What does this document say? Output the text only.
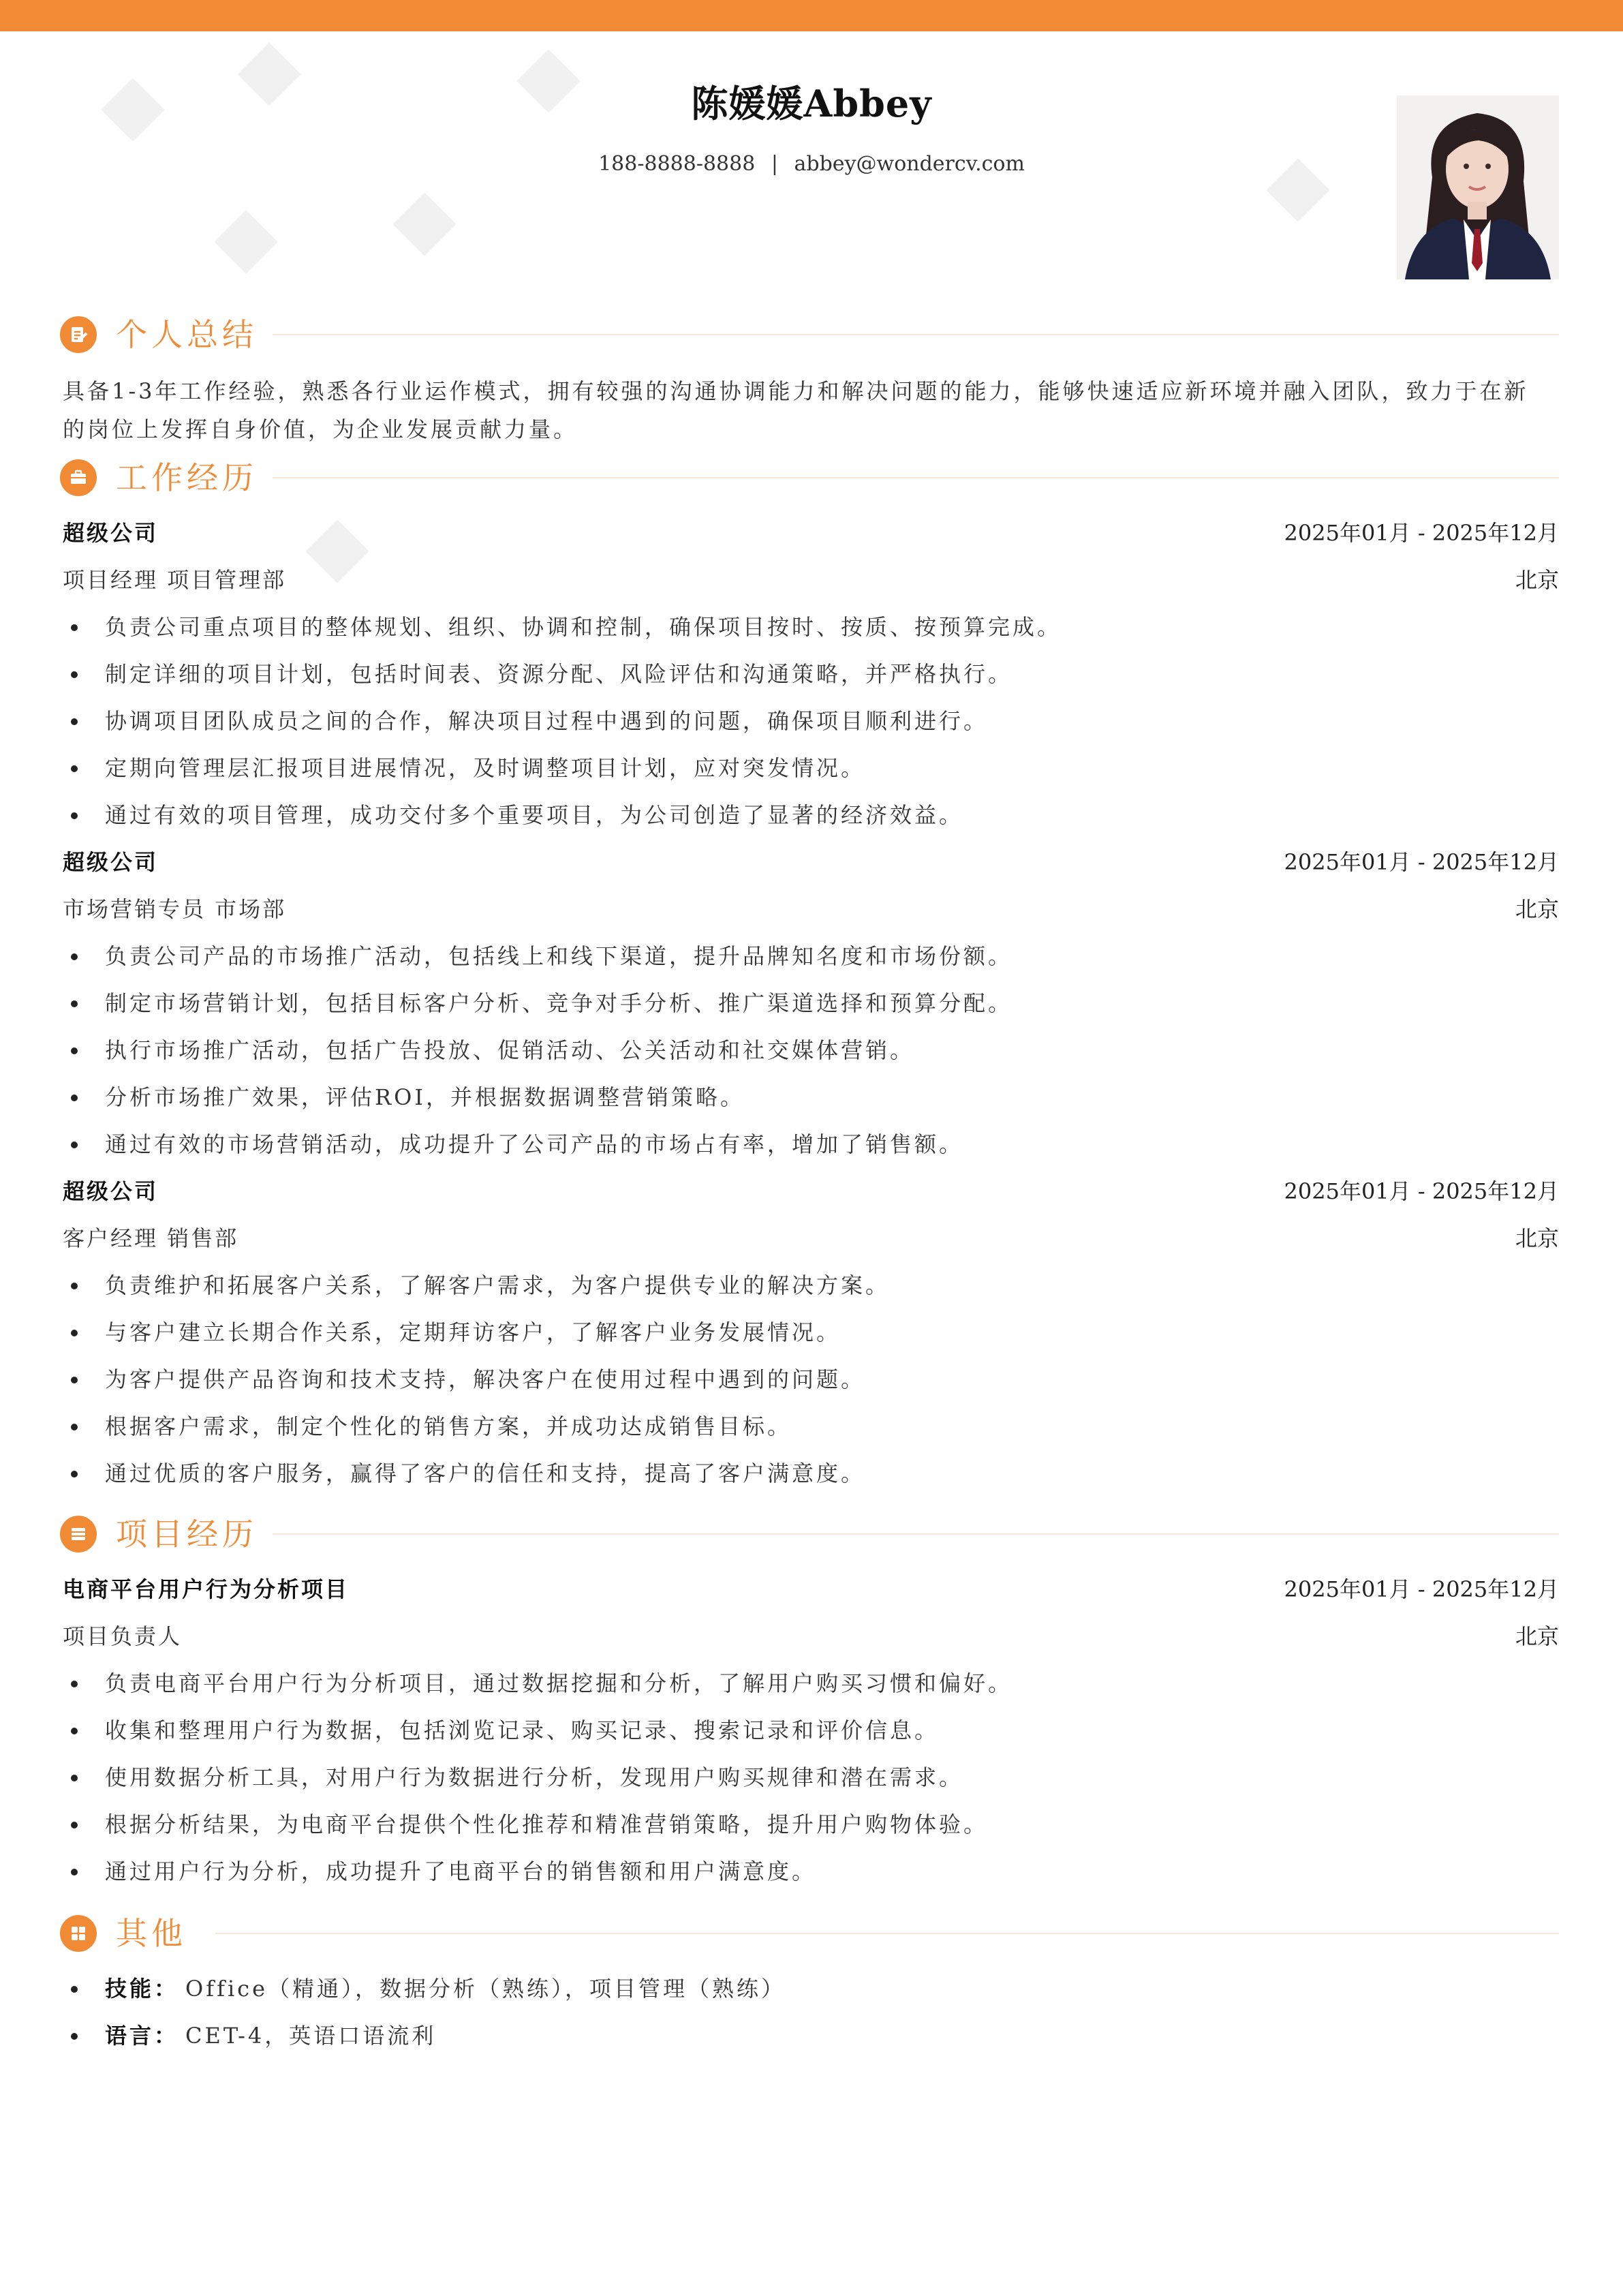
陈媛媛Abbey
188-8888-8888 | abbey@wondercv.com
个人总结
具备1-3年工作经验，熟悉各行业运作模式，拥有较强的沟通协调能力和解决问题的能力，能够快速适应新环境并融入团队，致力于在新的岗位上发挥自身价值，为企业发展贡献力量。
工作经历
超级公司	2025年01月 - 2025年12月
项目经理 项目管理部	北京
负责公司重点项目的整体规划、组织、协调和控制，确保项目按时、按质、按预算完成。
制定详细的项目计划，包括时间表、资源分配、风险评估和沟通策略，并严格执行。
协调项目团队成员之间的合作，解决项目过程中遇到的问题，确保项目顺利进行。
定期向管理层汇报项目进展情况，及时调整项目计划，应对突发情况。
通过有效的项目管理，成功交付多个重要项目，为公司创造了显著的经济效益。
超级公司	2025年01月 - 2025年12月
市场营销专员 市场部	北京
负责公司产品的市场推广活动，包括线上和线下渠道，提升品牌知名度和市场份额。
制定市场营销计划，包括目标客户分析、竞争对手分析、推广渠道选择和预算分配。
执行市场推广活动，包括广告投放、促销活动、公关活动和社交媒体营销。
分析市场推广效果，评估ROI，并根据数据调整营销策略。
通过有效的市场营销活动，成功提升了公司产品的市场占有率，增加了销售额。
超级公司	2025年01月 - 2025年12月
客户经理 销售部	北京
负责维护和拓展客户关系，了解客户需求，为客户提供专业的解决方案。
与客户建立长期合作关系，定期拜访客户，了解客户业务发展情况。
为客户提供产品咨询和技术支持，解决客户在使用过程中遇到的问题。
根据客户需求，制定个性化的销售方案，并成功达成销售目标。
通过优质的客户服务，赢得了客户的信任和支持，提高了客户满意度。
项目经历
电商平台用户行为分析项目	2025年01月 - 2025年12月
项目负责人	北京
负责电商平台用户行为分析项目，通过数据挖掘和分析，了解用户购买习惯和偏好。
收集和整理用户行为数据，包括浏览记录、购买记录、搜索记录和评价信息。
使用数据分析工具，对用户行为数据进行分析，发现用户购买规律和潜在需求。
根据分析结果，为电商平台提供个性化推荐和精准营销策略，提升用户购物体验。
通过用户行为分析，成功提升了电商平台的销售额和用户满意度。
其他
技能： Office（精通），数据分析（熟练），项目管理（熟练）
语言： CET-4，英语口语流利
